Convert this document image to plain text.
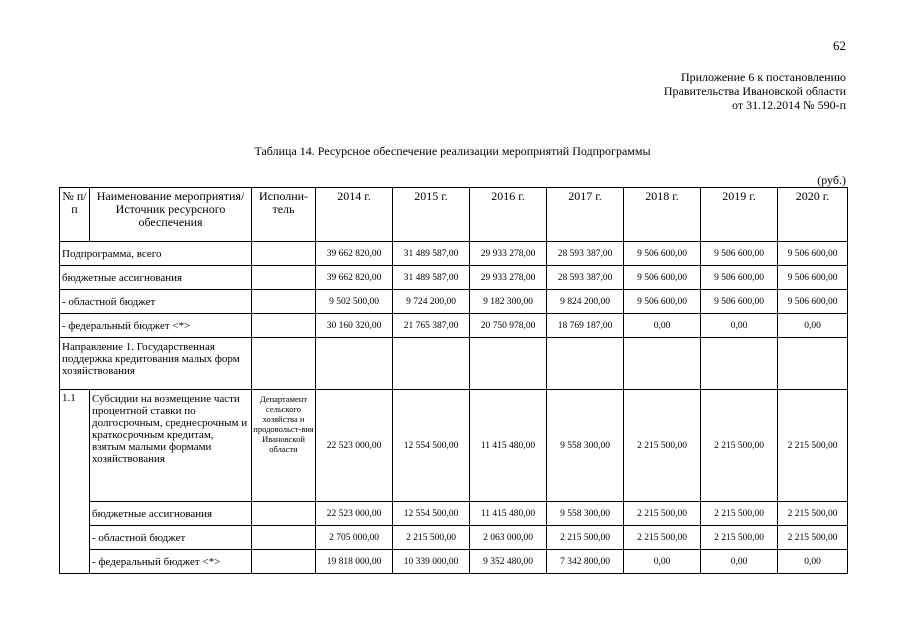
62
Приложение 6 к постановлению
Правительства Ивановской области
от 31.12.2014 № 590-п
Таблица 14. Ресурсное обеспечение реализации мероприятий Подпрограммы
(руб.)
№ п/п	Наименование мероприятия/Источник ресурсного обеспечения	Исполни-тель	2014 г.	2015 г.	2016 г.	2017 г.	2018 г.	2019 г.	2020 г.
Подпрограмма, всего			39 662 820,00	31 489 587,00	29 933 278,00	28 593 387,00	9 506 600,00	9 506 600,00	9 506 600,00
бюджетные ассигнования			39 662 820,00	31 489 587,00	29 933 278,00	28 593 387,00	9 506 600,00	9 506 600,00	9 506 600,00
- областной бюджет			9 502 500,00	9 724 200,00	9 182 300,00	9 824 200,00	9 506 600,00	9 506 600,00	9 506 600,00
- федеральный бюджет <*>			30 160 320,00	21 765 387,00	20 750 978,00	18 769 187,00	0,00	0,00	0,00
Направление 1. Государственная поддержка кредитования малых форм хозяйствования									
1.1	Субсидии на возмещение части процентной ставки по долгосрочным, среднесрочным и краткосрочным кредитам, взятым малыми формами хозяйствования	Департамент сельского хозяйства и продовольст-вия Ивановской области	22 523 000,00	12 554 500,00	11 415 480,00	9 558 300,00	2 215 500,00	2 215 500,00	2 215 500,00
	бюджетные ассигнования		22 523 000,00	12 554 500,00	11 415 480,00	9 558 300,00	2 215 500,00	2 215 500,00	2 215 500,00
	- областной бюджет		2 705 000,00	2 215 500,00	2 063 000,00	2 215 500,00	2 215 500,00	2 215 500,00	2 215 500,00
	- федеральный бюджет <*>		19 818 000,00	10 339 000,00	9 352 480,00	7 342 800,00	0,00	0,00	0,00
